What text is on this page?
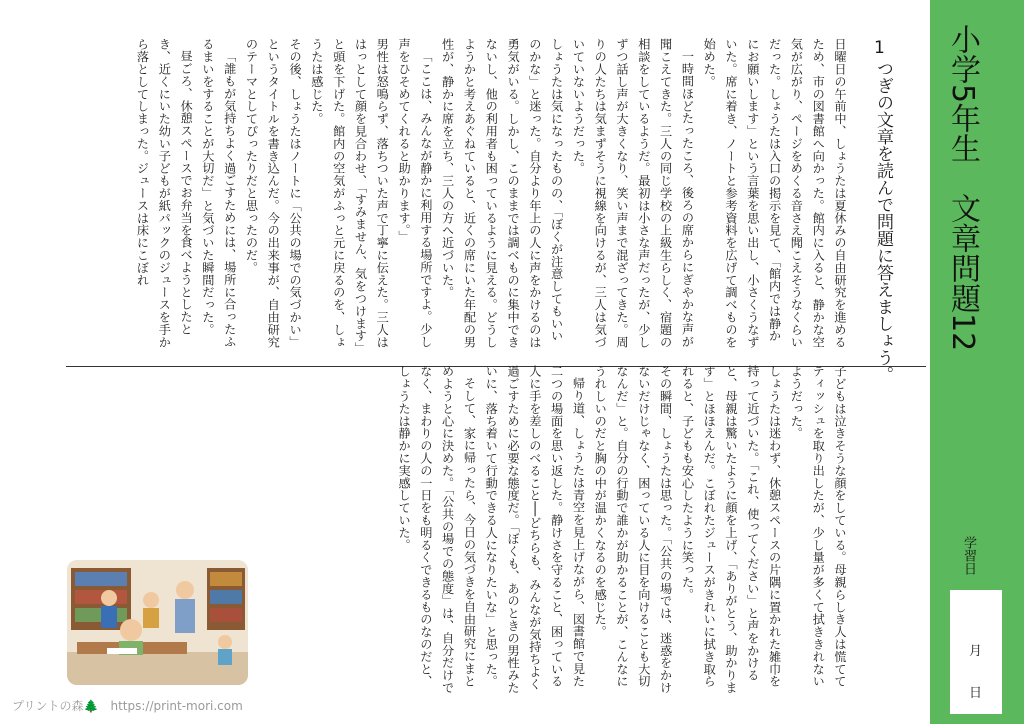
日曜日の午前中、しょうたは夏休みの自由研究を進めるため、市の図書館へ向かった。館内に入ると、静かな空気が広がり、ページをめくる音さえ聞こえそうなくらいだった。しょうたは入口の掲示を見て、「館内では静かにお願いします」という言葉を思い出し、小さくうなずいた。席に着き、ノートと参考資料を広げて調べものを始めた。

一時間ほどたったころ、後ろの席からにぎやかな声が聞こえてきた。三人の同じ学校の上級生らしく、宿題の相談をしているようだ。最初は小さな声だったが、少しずつ話し声が大きくなり、笑い声まで混ざってきた。周りの人たちは気まずそうに視線を向けるが、三人は気づいていないようだった。

しょうたは気になったものの、「ぼくが注意してもいいのかな」と迷った。自分より年上の人に声をかけるのは勇気がいる。しかし、このままでは調べものに集中できないし、他の利用者も困っているように見える。どうしようかと考えあぐねていると、近くの席にいた年配の男性が、静かに席を立ち、三人の方へ近づいた。

「ここは、みんなが静かに利用する場所ですよ。少し声をひそめてくれると助かります。」

男性は怒鳴らず、落ちついた声で丁寧に伝えた。三人ははっとして顔を見合わせ、「すみません、気をつけます」と頭を下げた。館内の空気がふっと元に戻るのを、しょうたは感じた。

その後、しょうたはノートに「公共の場での気づかい」というタイトルを書き込んだ。今の出来事が、自由研究のテーマとしてぴったりだと思ったのだ。

「誰もが気持ちよく過ごすためには、場所に合ったふるまいをすることが大切だ」と気づいた瞬間だった。

昼ごろ、休憩スペースでお弁当を食べようとしたとき、近くにいた幼い子どもが紙パックのジュースを手から落としてしまった。ジュースは床にこぼれ

子どもは泣きそうな顔をしている。母親らしき人は慌ててティッシュを取り出したが、少し量が多くて拭ききれないようだった。

しょうたは迷わず、休憩スペースの片隅に置かれた雑巾を持って近づいた。「これ、使ってください」と声をかけると、母親は驚いたように顔を上げ、「ありがとう、助かります」とほほえんだ。こぼれたジュースがきれいに拭き取られると、子どもも安心したように笑った。

その瞬間、しょうたは思った。「公共の場では、迷惑をかけないだけじゃなく、困っている人に目を向けることも大切なんだ」と。自分の行動で誰かが助かることが、こんなにうれしいのだと胸の中が温かくなるのを感じた。

帰り道、しょうたは青空を見上げながら、図書館で見た二つの場面を思い返した。静けさを守ること、困っている人に手を差しのべること──どちらも、みんなが気持ちよく過ごすために必要な態度だ。「ぼくも、あのときの男性みたいに、落ち着いて行動できる人になりたいな」と思った。

そして、家に帰ったら、今日の気づきを自由研究にまとめようと心に決めた。「公共の場での態度」は、自分だけでなく、まわりの人の一日をも明るくできるものなのだと、しょうたは静かに実感していた。

1
つぎの文章を読んで問題に答えましょう。 小学5年生　文章問題12
学習日
月
日
プリントの森🌲　 https://print-mori.com
